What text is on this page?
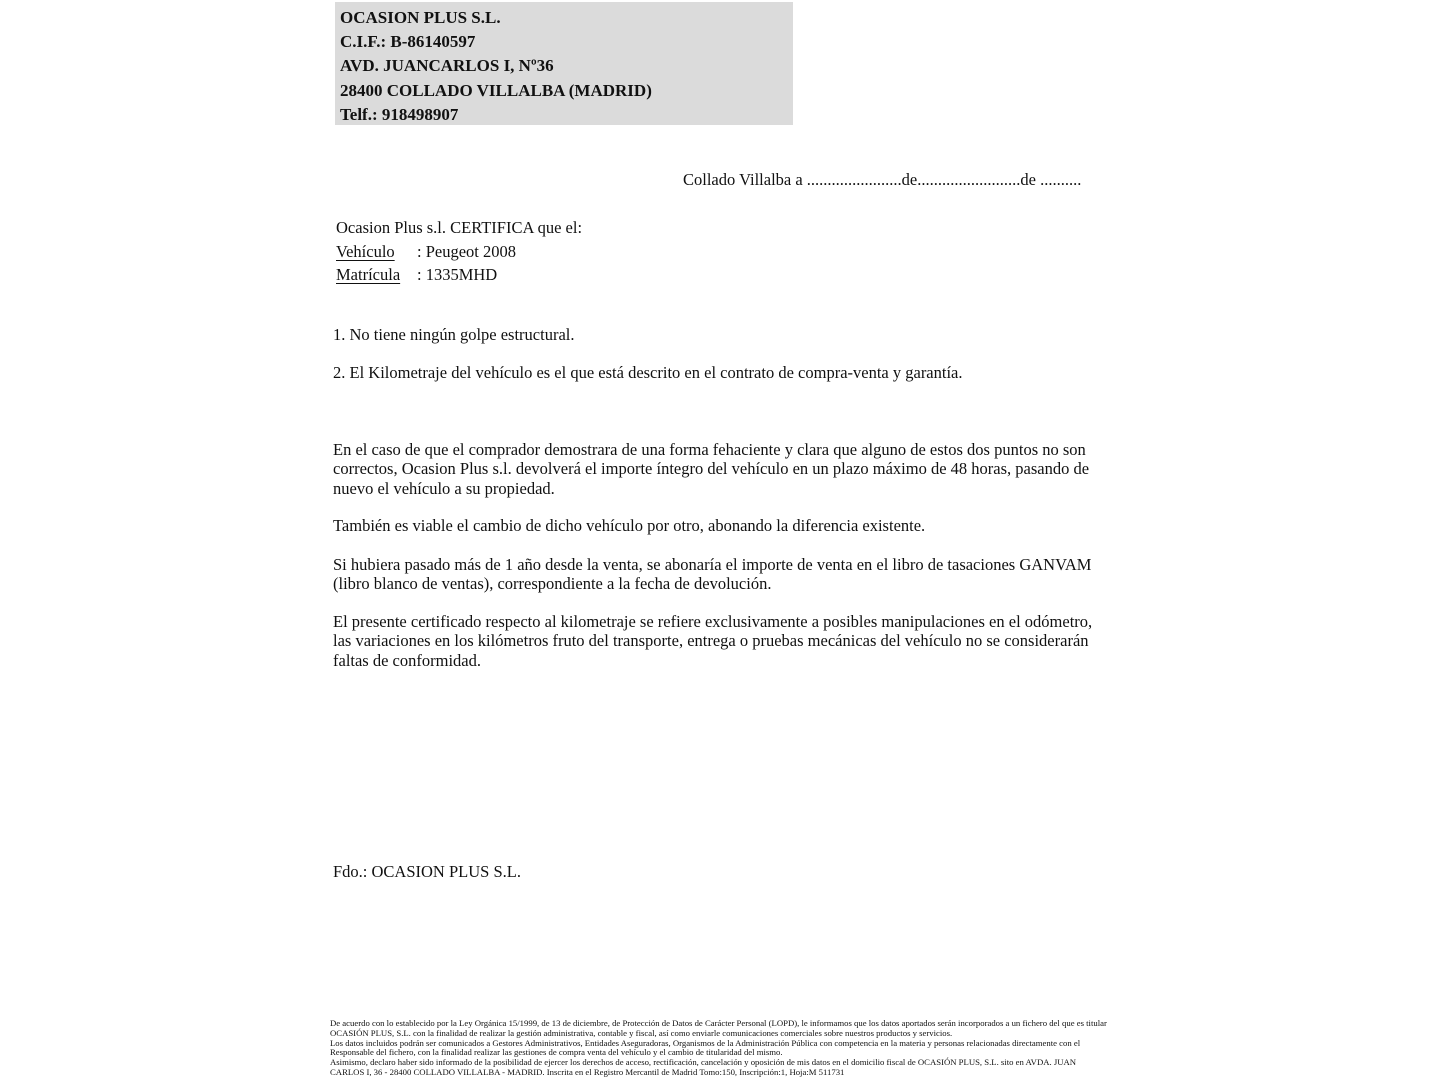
OCASION PLUS S.L.
C.I.F.: B-86140597
AVD. JUANCARLOS I, Nº36
28400 COLLADO VILLALBA (MADRID)
Telf.: 918498907
Collado Villalba a .......................de.........................de ..........
Ocasion Plus s.l. CERTIFICA que el:
Vehículo	: Peugeot 2008
Matrícula	: 1335MHD
1. No tiene ningún golpe estructural.
2. El Kilometraje del vehículo es el que está descrito en el contrato de compra-venta y garantía.
En el caso de que el comprador demostrara de una forma fehaciente y clara que alguno de estos dos puntos no son correctos, Ocasion Plus s.l. devolverá el importe íntegro del vehículo en un plazo máximo de 48 horas, pasando de nuevo el vehículo a su propiedad.
También es viable el cambio de dicho vehículo por otro, abonando la diferencia existente.
Si hubiera pasado más de 1 año desde la venta, se abonaría el importe de venta en el libro de tasaciones GANVAM (libro blanco de ventas), correspondiente a la fecha de devolución.
El presente certificado respecto al kilometraje se refiere exclusivamente a posibles manipulaciones en el odómetro, las variaciones en los kilómetros fruto del transporte, entrega o pruebas mecánicas del vehículo no se considerarán faltas de conformidad.
Fdo.: OCASION PLUS S.L.
De acuerdo con lo establecido por la Ley Orgánica 15/1999, de 13 de diciembre, de Protección de Datos de Carácter Personal (LOPD), le informamos que los datos aportados serán incorporados a un fichero del que es titular
OCASIÓN PLUS, S.L. con la finalidad de realizar la gestión administrativa, contable y fiscal, así como enviarle comunicaciones comerciales sobre nuestros productos y servicios.
Los datos incluidos podrán ser comunicados a Gestores Administrativos, Entidades Aseguradoras, Organismos de la Administración Pública con competencia en la materia y personas relacionadas directamente con el
Responsable del fichero, con la finalidad realizar las gestiones de compra venta del vehículo y el cambio de titularidad del mismo.
Asimismo, declaro haber sido informado de la posibilidad de ejercer los derechos de acceso, rectificación, cancelación y oposición de mis datos en el domicilio fiscal de OCASIÓN PLUS, S.L. sito en AVDA. JUAN
CARLOS I, 36 - 28400 COLLADO VILLALBA - MADRID. Inscrita en el Registro Mercantil de Madrid Tomo:150, Inscripción:1, Hoja:M 511731
